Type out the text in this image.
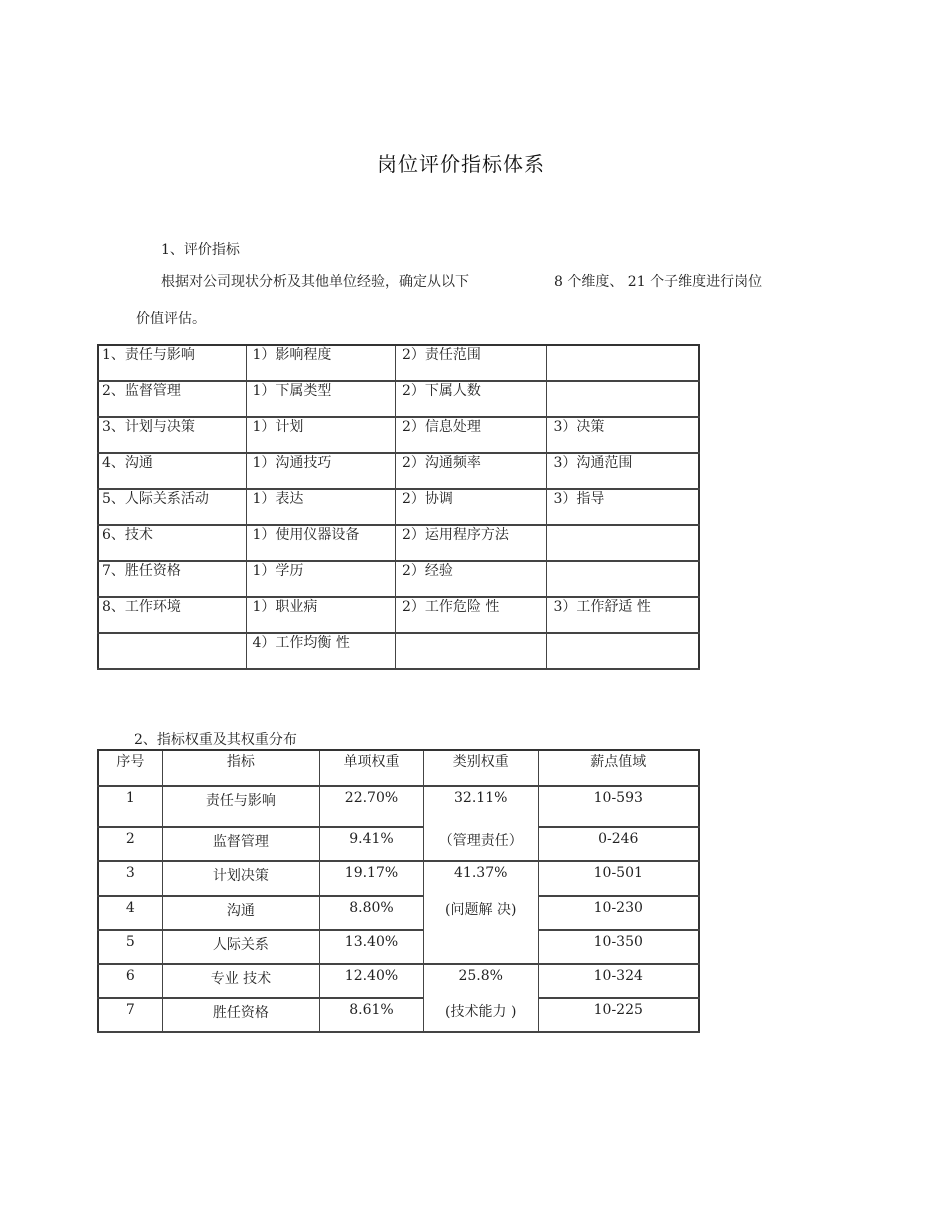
岗位评价指标体系
1、评价指标
根据对公司现状分析及其他单位经验，确定从以下	8 个维度、 21 个子维度进行岗位
价值评估。
1、责任与影响	1）影响程度	2）责任范围	
2、监督管理	1）下属类型	2）下属人数	
3、计划与决策	1）计划	2）信息处理	3）决策
4、沟通	1）沟通技巧	2）沟通频率	3）沟通范围
5、人际关系活动	1）表达	2）协调	3）指导
6、技术	1）使用仪器设备	2）运用程序方法	
7、胜任资格	1）学历	2）经验	
8、工作环境	1）职业病	2）工作危险 性	3）工作舒适 性
	4）工作均衡 性		
2、指标权重及其权重分布
序号	指标	单项权重	类别权重	薪点值域
1	责任与影响	22.70%	32.11%	10-593
2	监督管理	9.41%	（管理责任）	0-246
3	计划决策	19.17%	41.37%	10-501
4	沟通	8.80%	(问题解 决)	10-230
5	人际关系	13.40%		10-350
6	专业 技术	12.40%	25.8%	10-324
7	胜任资格	8.61%	(技术能力 )	10-225
